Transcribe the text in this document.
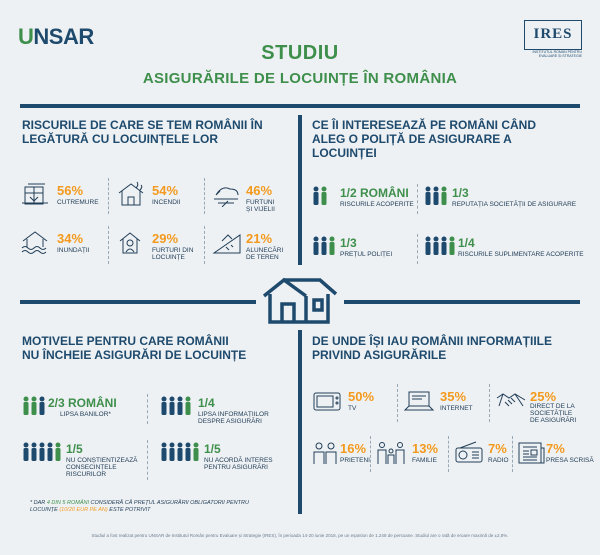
UNSAR	IRES
INSTITUTUL ROMÂN PENTRU EVALUARE ȘI STRATEGIE
STUDIU
ASIGURĂRILE DE LOCUINȚE ÎN ROMÂNIA
RISCURILE DE CARE SE TEM ROMÂNII ÎN
LEGĂTURĂ CU LOCUINȚELE LOR
56%
CUTREMURE
54%
INCENDII
46%
FURTUNI
ȘI VIJELII
34%
INUNDAȚII
29%
FURTURI DIN
LOCUINȚE
21%
ALUNECĂRI
DE TEREN
CE ÎI INTERESEAZĂ PE ROMÂNI CÂND
ALEG O POLIȚĂ DE ASIGURARE A
LOCUINȚEI
1/2 ROMÂNI
RISCURILE ACOPERITE
1/3
REPUTAȚIA SOCIETĂȚII DE ASIGURARE
1/3
PREȚUL POLIȚEI
1/4
RISCURILE SUPLIMENTARE ACOPERITE
MOTIVELE PENTRU CARE ROMÂNII
NU ÎNCHEIE ASIGURĂRI DE LOCUINȚE
2/3 ROMÂNI
LIPSA BANILOR*
1/4
LIPSA INFORMAȚIILOR
DESPRE ASIGURĂRI
1/5
NU CONȘTIENTIZEAZĂ
CONSECINȚELE
RISCURILOR
1/5
NU ACORDĂ INTERES
PENTRU ASIGURĂRI
* DAR 4 DIN 5 ROMÂNI CONSIDERĂ CĂ PREȚUL ASIGURĂRII OBLIGATORII PENTRU
LOCUINȚE (10/20 EUR PE AN) ESTE POTRIVIT
DE UNDE ÎȘI IAU ROMÂNII INFORMAȚIILE
PRIVIND ASIGURĂRILE
50%
TV
35%
INTERNET
25%
DIRECT DE LA
SOCIETĂȚILE
DE ASIGURĂRI
16%
PRIETENI
13%
FAMILIE
7%
RADIO
7%
PRESA SCRISĂ
Studiul a fost realizat pentru UNSAR de Institutul Român pentru Evaluare și Strategie (IRES), în perioada 14-20 iunie 2018, pe un eșantion de 1.248 de persoane. Studiul are o rată de eroare maximă de ±2,8%.
